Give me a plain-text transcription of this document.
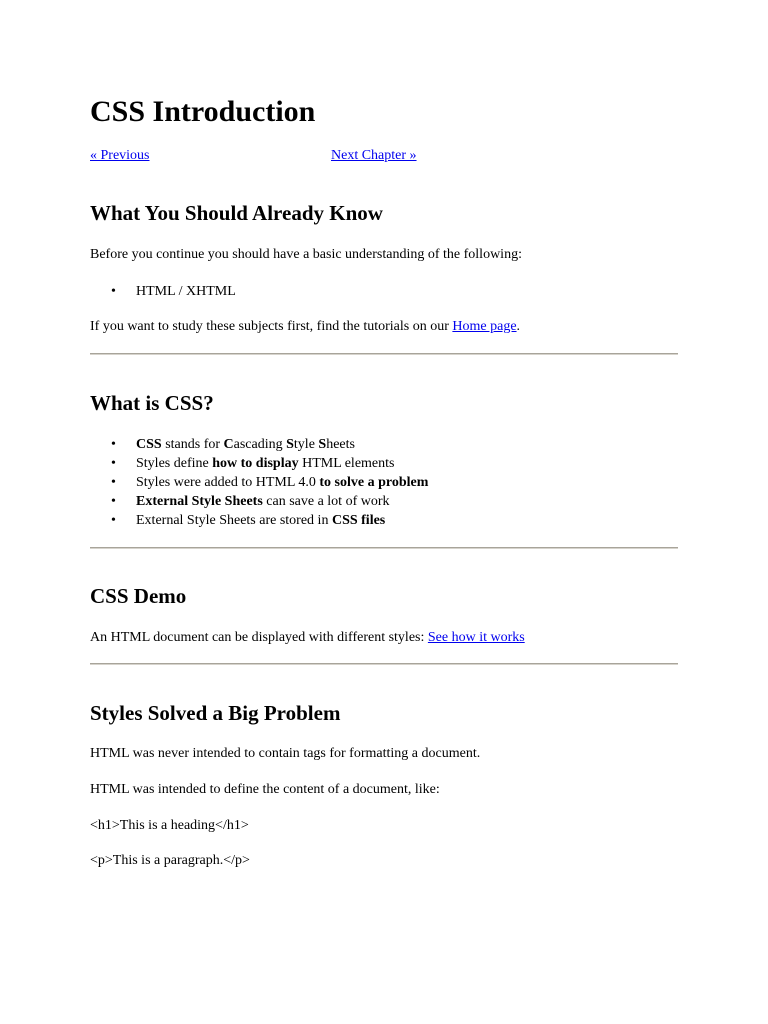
CSS Introduction
« Previous	Next Chapter »
What You Should Already Know

Before you continue you should have a basic understanding of the following:

• HTML / XHTML

If you want to study these subjects first, find the tutorials on our Home page.

What is CSS?
• CSS stands for Cascading Style Sheets
• Styles define how to display HTML elements
• Styles were added to HTML 4.0 to solve a problem
• External Style Sheets can save a lot of work
• External Style Sheets are stored in CSS files
CSS Demo

An HTML document can be displayed with different styles: See how it works

Styles Solved a Big Problem

HTML was never intended to contain tags for formatting a document.

HTML was intended to define the content of a document, like:

<h1>This is a heading</h1>

<p>This is a paragraph.</p>
